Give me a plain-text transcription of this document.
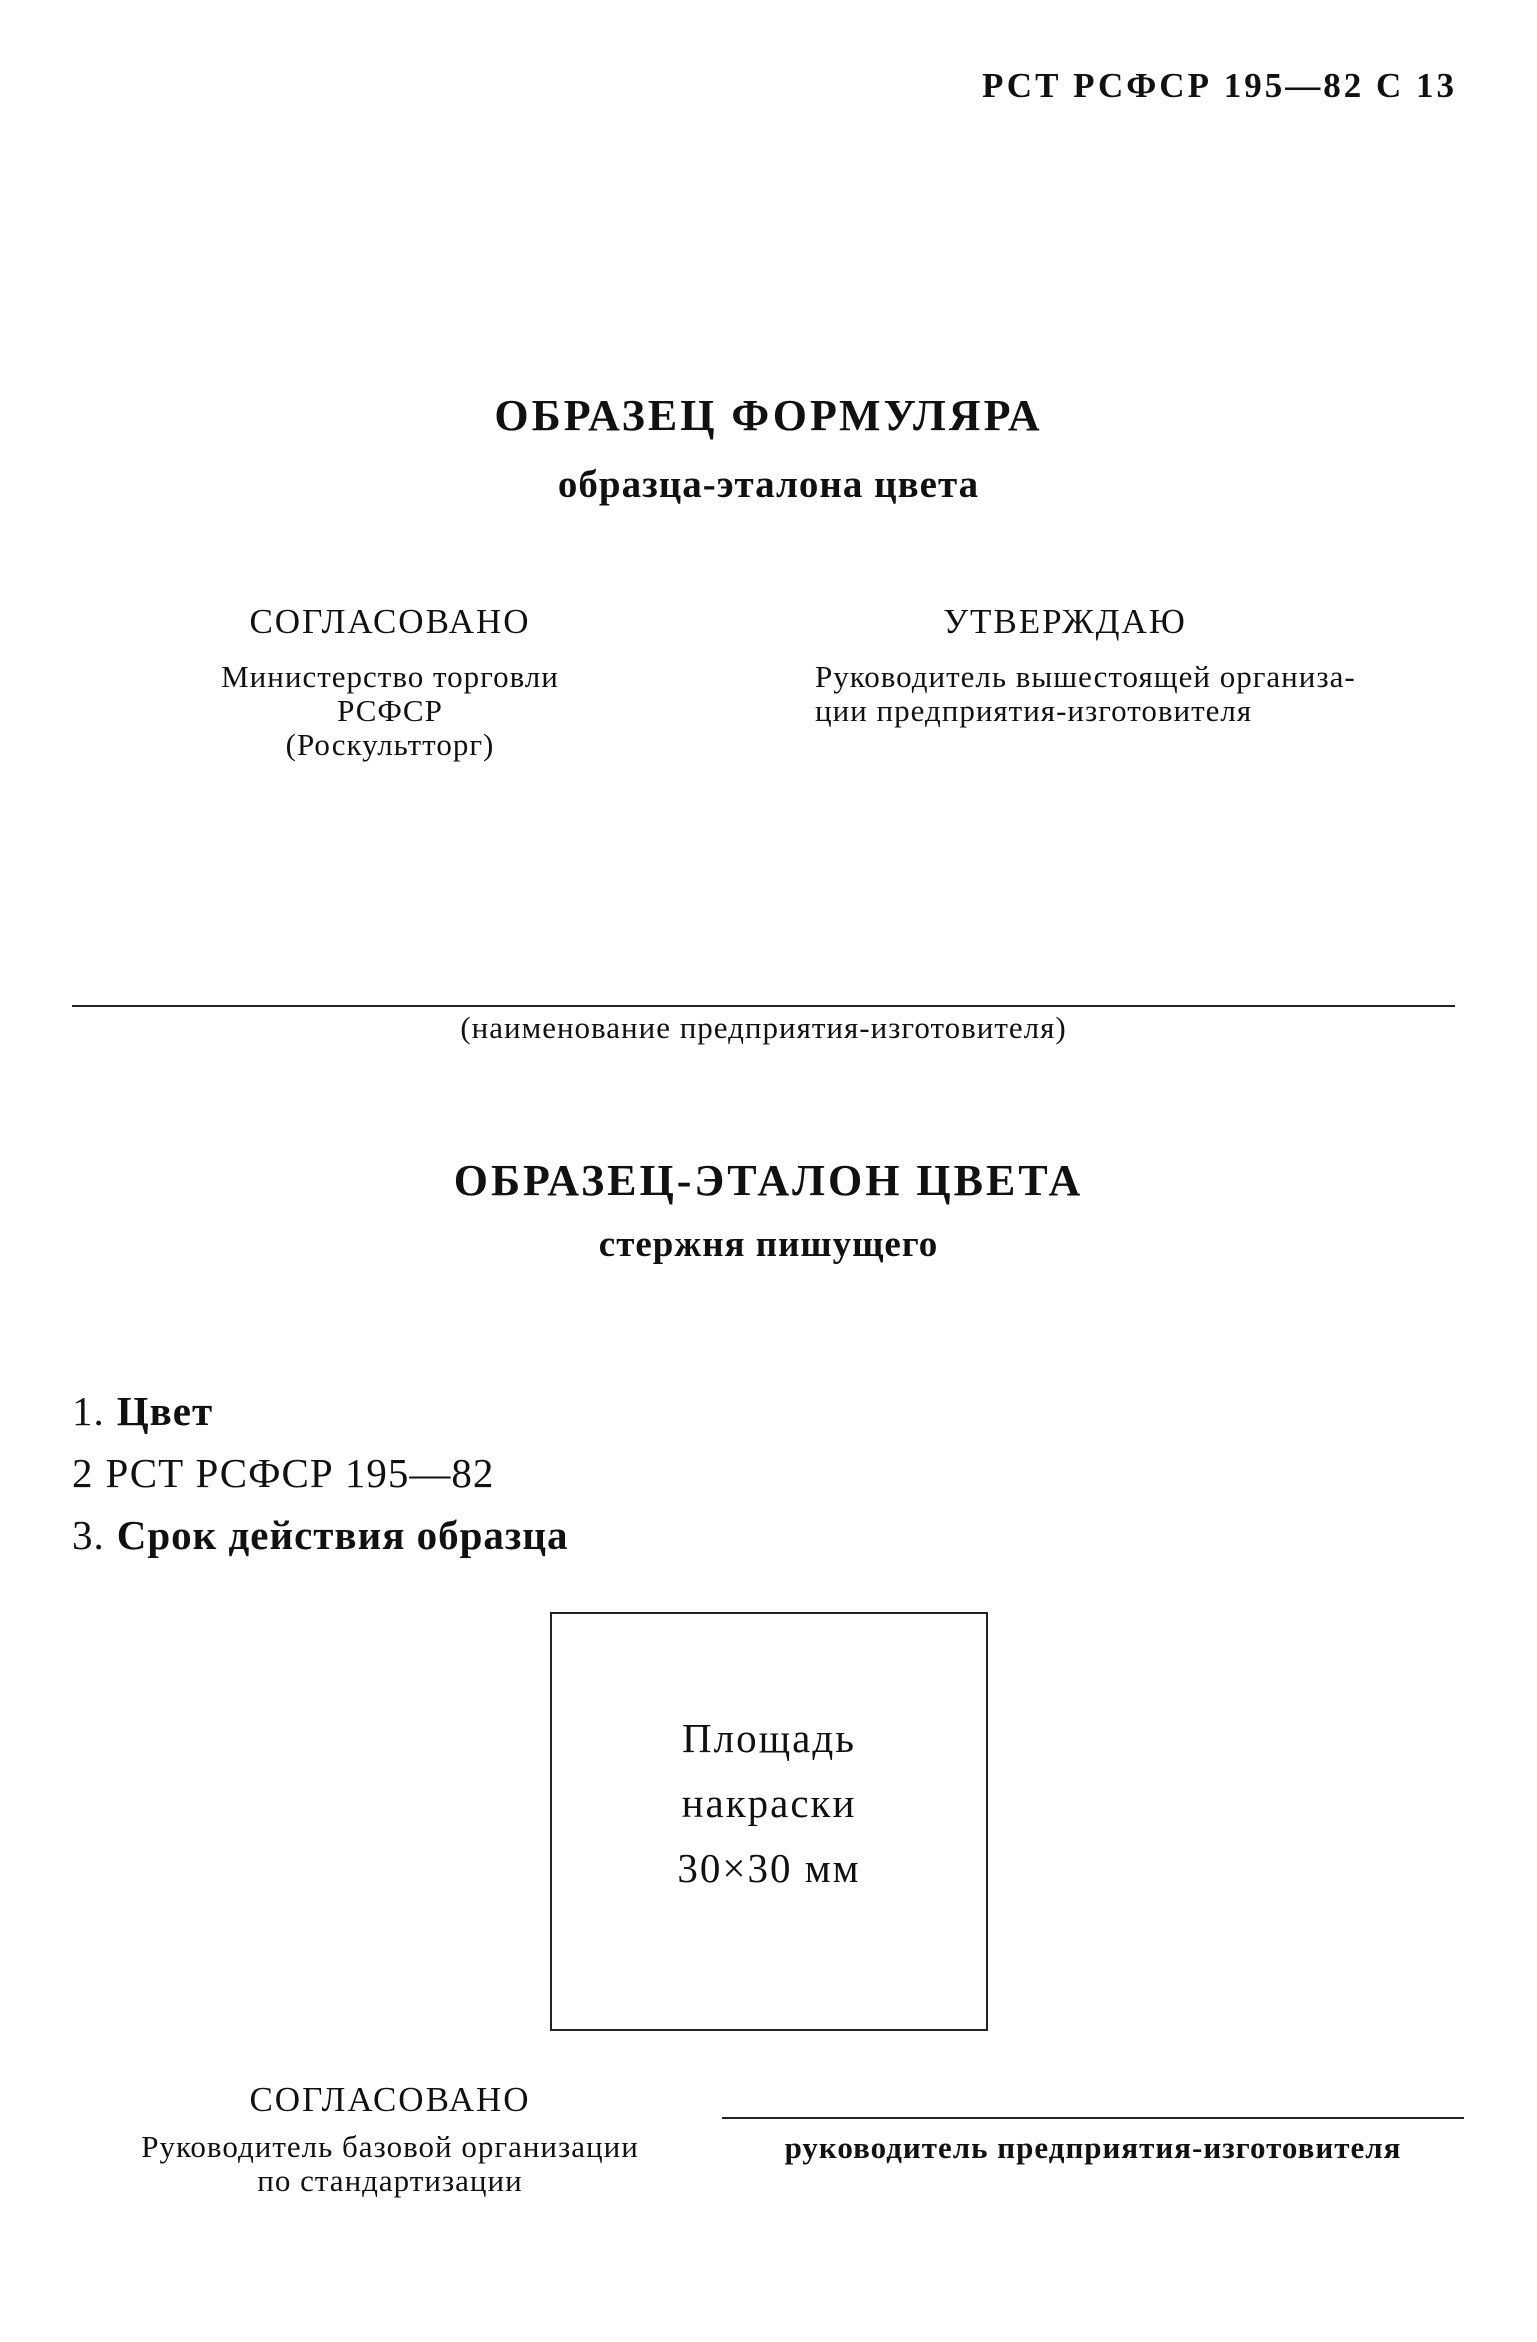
РСТ РСФСР 195—82 С 13
ОБРАЗЕЦ ФОРМУЛЯРА
образца-эталона цвета
СОГЛАСОВАНО
Министерство торговли
РСФСР
(Роскультторг)
УТВЕРЖДАЮ
Руководитель вышестоящей организа-
ции предприятия-изготовителя
(наименование предприятия-изготовителя)
ОБРАЗЕЦ-ЭТАЛОН ЦВЕТА
стержня пишущего
1. Цвет
2 РСТ РСФСР 195—82
3. Срок действия образца
Площадь
накраски
30×30 мм
СОГЛАСОВАНО
Руководитель базовой организации
по стандартизации
руководитель предприятия-изготовителя
